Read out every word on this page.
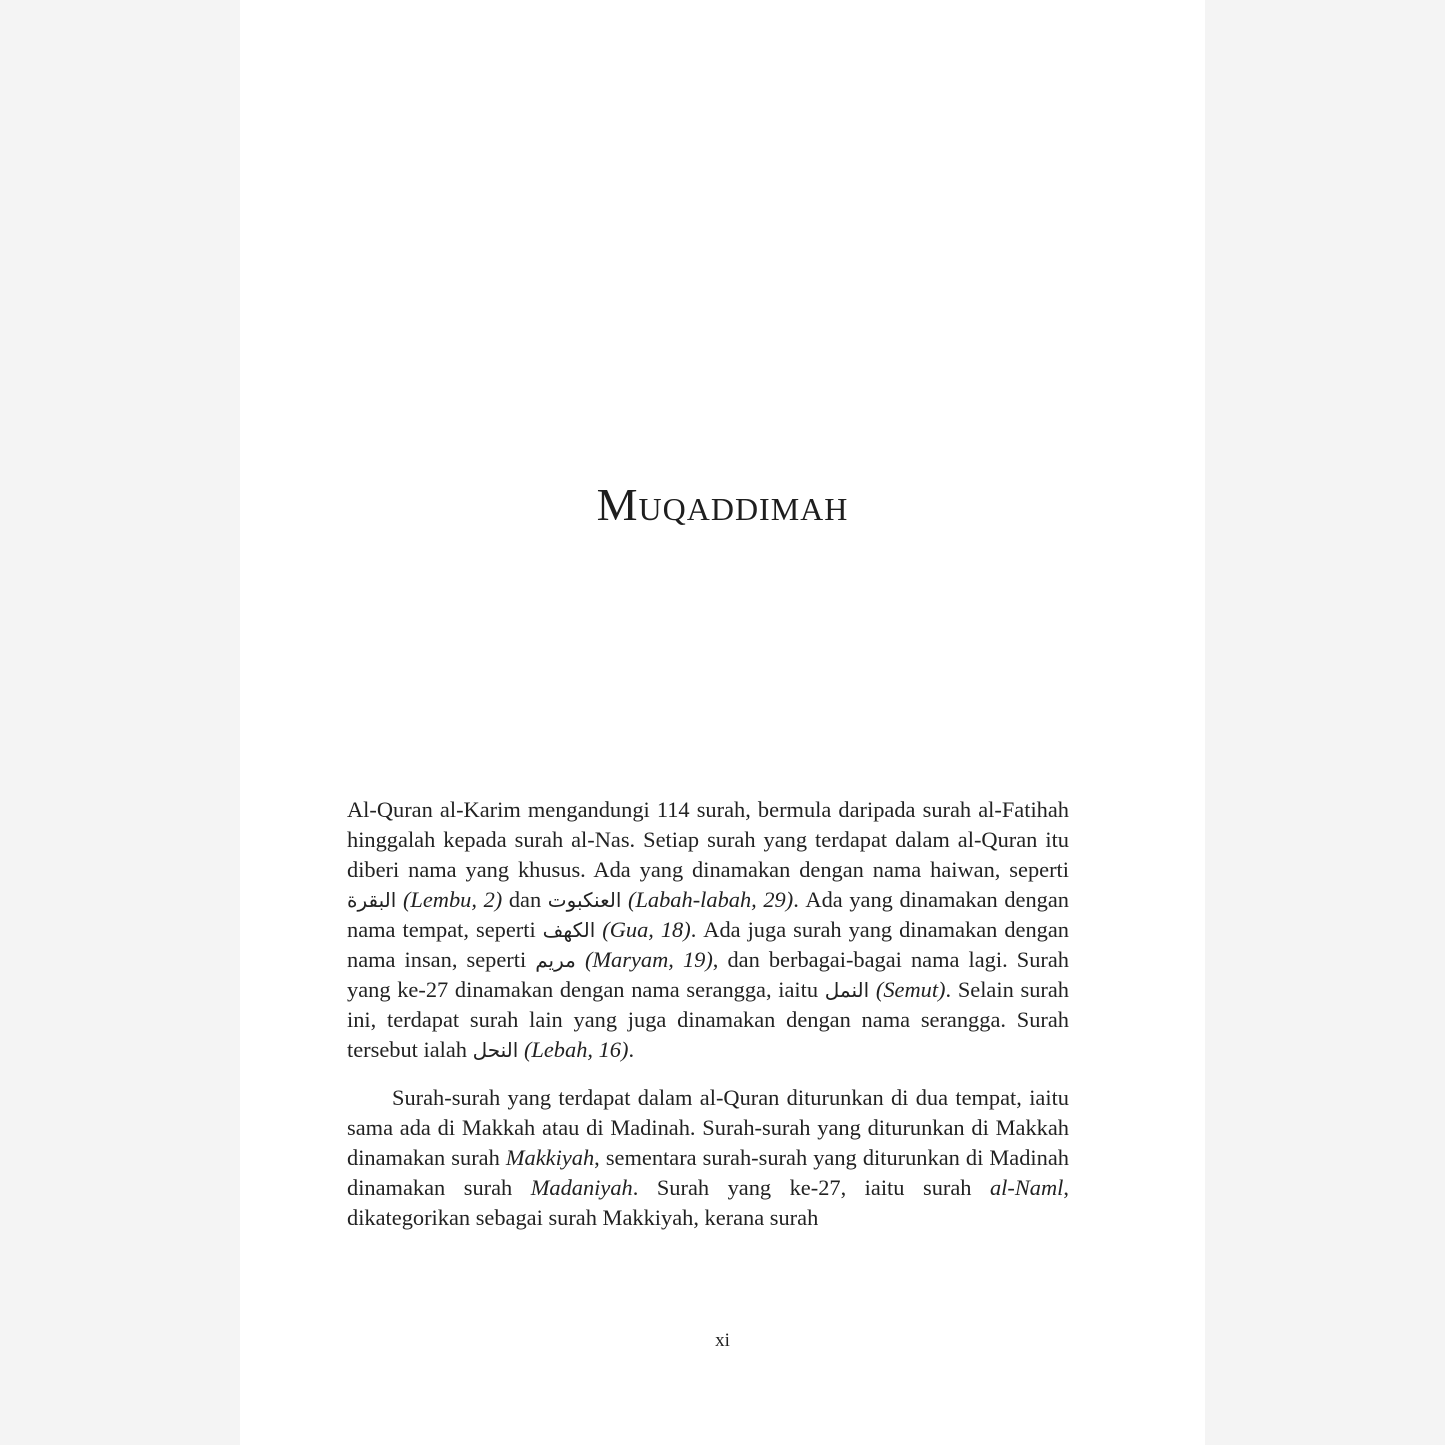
Muqaddimah

Al-Quran al-Karim mengandungi 114 surah, bermula daripada surah al-Fatihah hinggalah kepada surah al-Nas. Setiap surah yang terdapat dalam al-Quran itu diberi nama yang khusus. Ada yang dinamakan dengan nama haiwan, seperti البقرة (Lembu, 2) dan العنكبوت (Labah-labah, 29). Ada yang dinamakan dengan nama tempat, seperti الكهف (Gua, 18). Ada juga surah yang dinamakan dengan nama insan, seperti مريم (Maryam, 19), dan berbagai-bagai nama lagi. Surah yang ke-27 dinamakan dengan nama serangga, iaitu النمل (Semut). Selain surah ini, terdapat surah lain yang juga dinamakan dengan nama serangga. Surah tersebut ialah النحل (Lebah, 16).

Surah-surah yang terdapat dalam al-Quran diturunkan di dua tempat, iaitu sama ada di Makkah atau di Madinah. Surah-surah yang diturunkan di Makkah dinamakan surah Makkiyah, sementara surah-surah yang diturunkan di Madinah dinamakan surah Madaniyah. Surah yang ke-27, iaitu surah al-Naml, dikategorikan sebagai surah Makkiyah, kerana surah

xi
